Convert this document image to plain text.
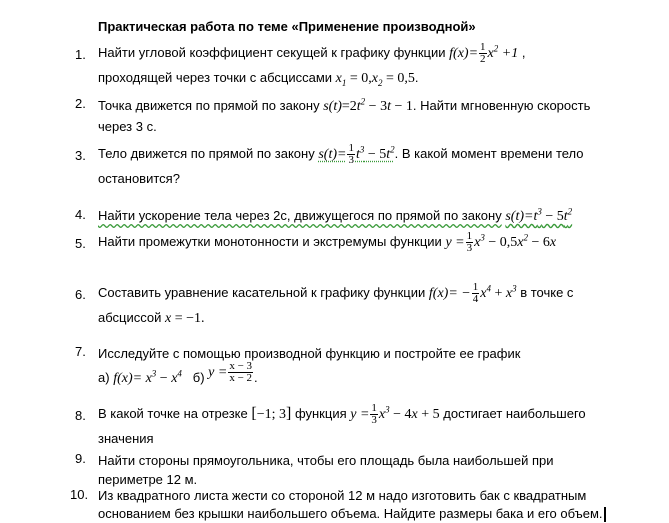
Практическая работа по теме «Применение производной»
1. Найти угловой коэффициент секущей к графику функции $f(x)= \frac{1}{2} x^2 +1$ ,
проходящей через точки с абсциссами $x_1 = 0,x_2 = 0,5$.
2. Точка движется по прямой по закону $s(t)=2t^2 - 3t - 1$. Найти мгновенную скорость
через 3 с.
3. Тело движется по прямой по закону $s(t)= \frac{1}{3} t^3 - 5t^2$. В какой момент времени тело
остановится?
4. Найти ускорение тела через 2с, движущегося по прямой по закону $s(t)=t^3 - 5t^2$
5. Найти промежутки монотонности и экстремумы функции $y = \frac{1}{3} x^3 - 0,5x^2 - 6x$
6. Составить уравнение касательной к графику функции $f(x)= - \frac{1}{4} x^4 + x^3$ в точке с
абсциссой x = −1.
7. Исследуйте с помощью производной функцию и постройте ее график
а) $f(x)= x^3 - x^4$ б) $y = \frac{x - 3}{x - 2}$ .
8. В какой точке на отрезке [−1; 3] функция $y = \frac{1}{3} x^3 - 4x + 5$ достигает наибольшего
значения
9. Найти стороны прямоугольника, чтобы его площадь была наибольшей при
периметре 12 м.
10. Из квадратного листа жести со стороной 12 м надо изготовить бак с квадратным
основанием без крышки наибольшего объема. Найдите размеры бака и его объем.
